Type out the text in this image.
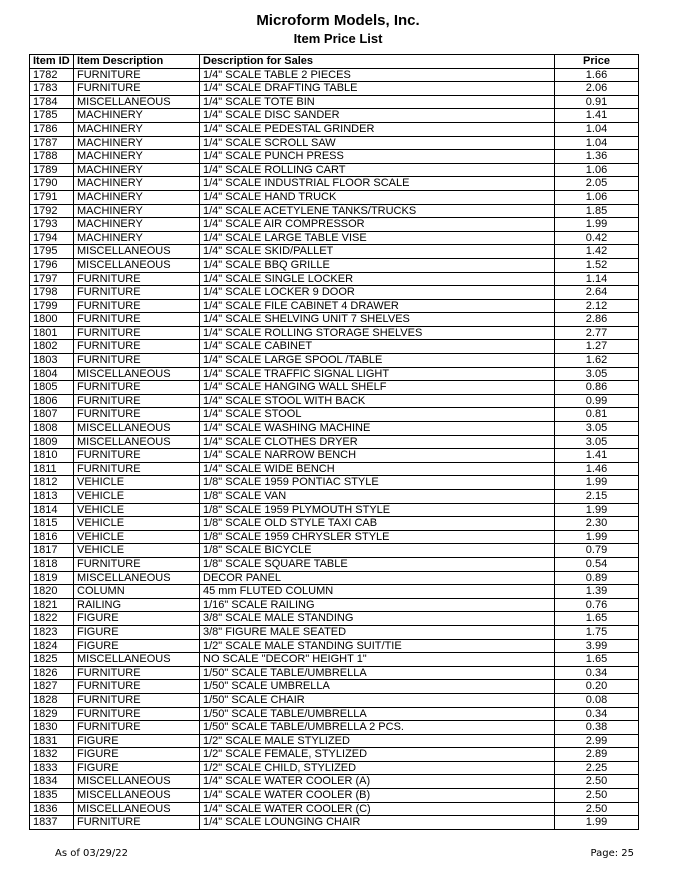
Microform Models, Inc.
Item Price List
Item ID	Item Description	Description for Sales	Price
1782	FURNITURE	1/4" SCALE TABLE 2 PIECES	1.66
1783	FURNITURE	1/4" SCALE DRAFTING TABLE	2.06
1784	MISCELLANEOUS	1/4" SCALE TOTE BIN	0.91
1785	MACHINERY	1/4" SCALE DISC SANDER	1.41
1786	MACHINERY	1/4" SCALE PEDESTAL GRINDER	1.04
1787	MACHINERY	1/4" SCALE SCROLL SAW	1.04
1788	MACHINERY	1/4" SCALE PUNCH PRESS	1.36
1789	MACHINERY	1/4" SCALE ROLLING CART	1.06
1790	MACHINERY	1/4" SCALE INDUSTRIAL FLOOR SCALE	2.05
1791	MACHINERY	1/4" SCALE HAND TRUCK	1.06
1792	MACHINERY	1/4" SCALE ACETYLENE TANKS/TRUCKS	1.85
1793	MACHINERY	1/4" SCALE AIR COMPRESSOR	1.99
1794	MACHINERY	1/4" SCALE LARGE TABLE VISE	0.42
1795	MISCELLANEOUS	1/4" SCALE SKID/PALLET	1.42
1796	MISCELLANEOUS	1/4" SCALE BBQ GRILLE	1.52
1797	FURNITURE	1/4" SCALE SINGLE LOCKER	1.14
1798	FURNITURE	1/4" SCALE LOCKER 9 DOOR	2.64
1799	FURNITURE	1/4" SCALE FILE CABINET 4 DRAWER	2.12
1800	FURNITURE	1/4" SCALE SHELVING UNIT 7 SHELVES	2.86
1801	FURNITURE	1/4" SCALE ROLLING STORAGE SHELVES	2.77
1802	FURNITURE	1/4" SCALE CABINET	1.27
1803	FURNITURE	1/4" SCALE LARGE SPOOL /TABLE	1.62
1804	MISCELLANEOUS	1/4" SCALE TRAFFIC SIGNAL LIGHT	3.05
1805	FURNITURE	1/4" SCALE HANGING WALL SHELF	0.86
1806	FURNITURE	1/4" SCALE STOOL WITH BACK	0.99
1807	FURNITURE	1/4" SCALE STOOL	0.81
1808	MISCELLANEOUS	1/4" SCALE WASHING MACHINE	3.05
1809	MISCELLANEOUS	1/4" SCALE CLOTHES DRYER	3.05
1810	FURNITURE	1/4" SCALE NARROW BENCH	1.41
1811	FURNITURE	1/4" SCALE WIDE BENCH	1.46
1812	VEHICLE	1/8" SCALE 1959 PONTIAC STYLE	1.99
1813	VEHICLE	1/8" SCALE VAN	2.15
1814	VEHICLE	1/8" SCALE 1959 PLYMOUTH STYLE	1.99
1815	VEHICLE	1/8" SCALE OLD STYLE TAXI CAB	2.30
1816	VEHICLE	1/8" SCALE 1959 CHRYSLER STYLE	1.99
1817	VEHICLE	1/8" SCALE BICYCLE	0.79
1818	FURNITURE	1/8" SCALE SQUARE TABLE	0.54
1819	MISCELLANEOUS	DECOR PANEL	0.89
1820	COLUMN	45 mm FLUTED COLUMN	1.39
1821	RAILING	1/16" SCALE RAILING	0.76
1822	FIGURE	3/8" SCALE MALE STANDING	1.65
1823	FIGURE	3/8" FIGURE MALE SEATED	1.75
1824	FIGURE	1/2" SCALE MALE STANDING SUIT/TIE	3.99
1825	MISCELLANEOUS	NO SCALE "DECOR" HEIGHT 1"	1.65
1826	FURNITURE	1/50" SCALE TABLE/UMBRELLA	0.34
1827	FURNITURE	1/50" SCALE UMBRELLA	0.20
1828	FURNITURE	1/50" SCALE CHAIR	0.08
1829	FURNITURE	1/50" SCALE TABLE/UMBRELLA	0.34
1830	FURNITURE	1/50" SCALE TABLE/UMBRELLA 2 PCS.	0.38
1831	FIGURE	1/2" SCALE MALE STYLIZED	2.99
1832	FIGURE	1/2" SCALE FEMALE, STYLIZED	2.89
1833	FIGURE	1/2" SCALE CHILD, STYLIZED	2.25
1834	MISCELLANEOUS	1/4" SCALE WATER COOLER (A)	2.50
1835	MISCELLANEOUS	1/4" SCALE WATER COOLER (B)	2.50
1836	MISCELLANEOUS	1/4" SCALE WATER COOLER (C)	2.50
1837	FURNITURE	1/4" SCALE LOUNGING CHAIR	1.99
As of 03/29/22	Page: 25
